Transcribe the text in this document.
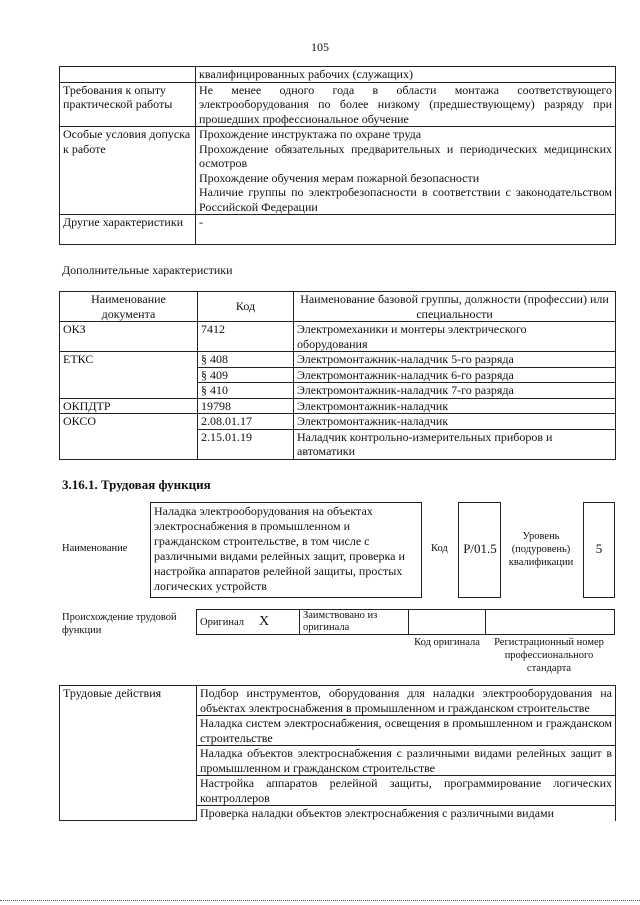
105
	квалифицированных рабочих (служащих)
Требования к опыту практической работы	Не менее одного года в области монтажа соответствующего электрооборудования по более низкому (предшествующему) разряду при прошедших профессиональное обучение
Особые условия допуска к работе	Прохождение инструктажа по охране труда
Прохождение обязательных предварительных и периодических медицинских осмотров
Прохождение обучения мерам пожарной безопасности
Наличие группы по электробезопасности в соответствии с законодательством Российской Федерации

Другие характеристики	-
Дополнительные характеристики
Наименование документа	Код	Наименование базовой группы, должности (профессии) или специальности
ОКЗ	7412	Электромеханики и монтеры электрического оборудования
ЕТКС	§ 408	Электромонтажник-наладчик 5-го разряда
	§ 409	Электромонтажник-наладчик 6-го разряда
	§ 410	Электромонтажник-наладчик 7-го разряда
ОКПДТР	19798	Электромонтажник-наладчик
ОКСО	2.08.01.17	Электромонтажник-наладчик
	2.15.01.19	Наладчик контрольно-измерительных приборов и автоматики
3.16.1. Трудовая функция
Наименование
Наладка электрооборудования на объектах электроснабжения в промышленном и гражданском строительстве, в том числе с различными видами релейных защит, проверка и настройка аппаратов релейной защиты, простых логических устройств
Код Р/01.5
Уровень (подуровень) квалификации
5
Происхождение трудовой функции
Оригинал X	Заимствовано из оригинала		
Код оригинала	Регистрационный номер профессионального стандарта
Трудовые действия	Подбор инструментов, оборудования для наладки электрооборудования на объектах электроснабжения в промышленном и гражданском строительстве
Наладка систем электроснабжения, освещения в промышленном и гражданском строительстве
Наладка объектов электроснабжения с различными видами релейных защит в промышленном и гражданском строительстве
Настройка аппаратов релейной защиты, программирование логических контроллеров
Проверка наладки объектов электроснабжения с различными видами
